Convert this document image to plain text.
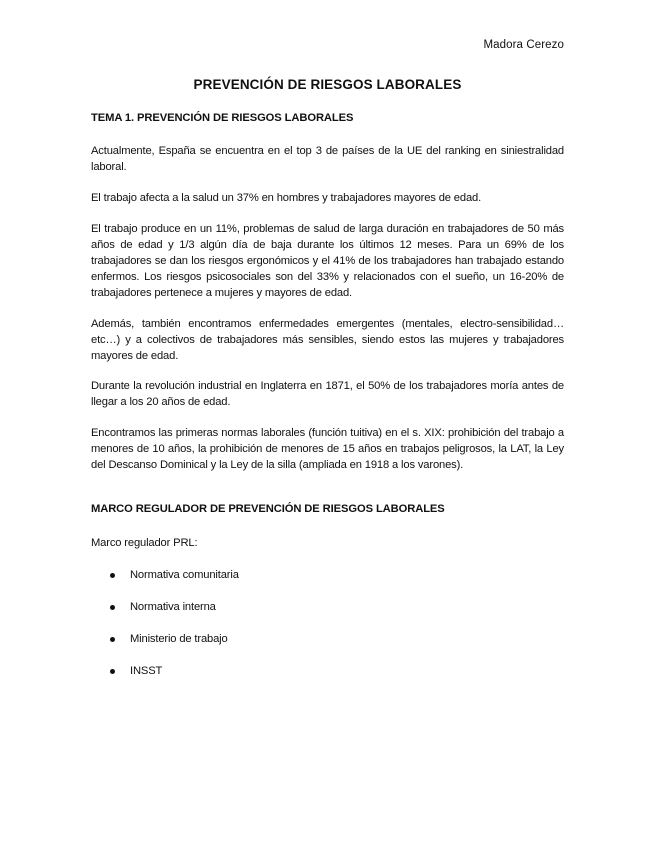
Madora Cerezo
PREVENCIÓN DE RIESGOS LABORALES
TEMA 1. PREVENCIÓN DE RIESGOS LABORALES

Actualmente, España se encuentra en el top 3 de países de la UE del ranking en siniestralidad laboral.

El trabajo afecta a la salud un 37% en hombres y trabajadores mayores de edad.

El trabajo produce en un 11%, problemas de salud de larga duración en trabajadores de 50 más años de edad y 1/3 algún día de baja durante los últimos 12 meses. Para un 69% de los trabajadores se dan los riesgos ergonómicos y el 41% de los trabajadores han trabajado estando enfermos. Los riesgos psicosociales son del 33% y relacionados con el sueño, un 16-20% de trabajadores pertenece a mujeres y mayores de edad.

Además, también encontramos enfermedades emergentes (mentales, electro-sensibilidad… etc…) y a colectivos de trabajadores más sensibles, siendo estos las mujeres y trabajadores mayores de edad.

Durante la revolución industrial en Inglaterra en 1871, el 50% de los trabajadores moría antes de llegar a los 20 años de edad.

Encontramos las primeras normas laborales (función tuitiva) en el s. XIX: prohibición del trabajo a menores de 10 años, la prohibición de menores de 15 años en trabajos peligrosos, la LAT, la Ley del Descanso Dominical y la Ley de la silla (ampliada en 1918 a los varones).

MARCO REGULADOR DE PREVENCIÓN DE RIESGOS LABORALES

Marco regulador PRL:

Normativa comunitaria
Normativa interna
Ministerio de trabajo
INSST
